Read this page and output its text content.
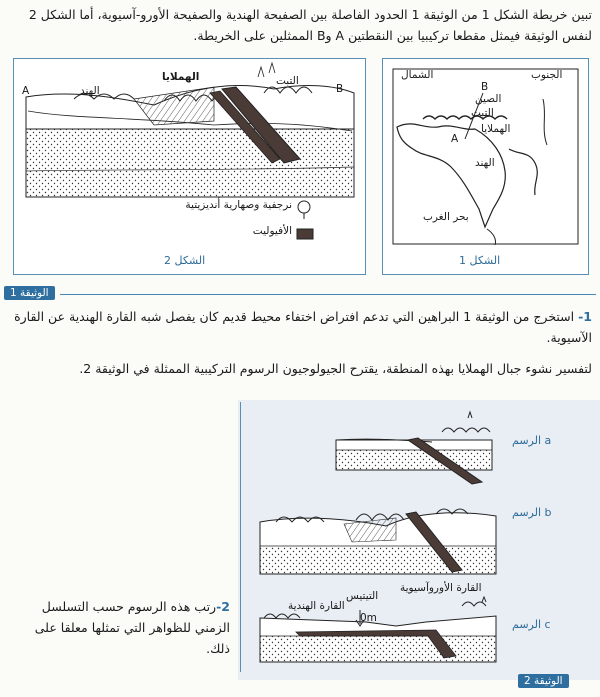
تبين خريطة الشكل 1 من الوثيقة 1 الحدود الفاصلة بين الصفيحة الهندية والصفيحة الأورو-آسيوية، أما الشكل 2
لنفس الوثيقة فيمثل مقطعا تركيبيا بين النقطتين A وB الممثلين على الخريطة.
A	B
الهند
الهملايا	التبت
نرجفية وصهارية أنديزيتية
الأفيوليت
الشكل 2
الشمال	الجنوب
B
الصين
التبت
الهملايا
A
الهند
بحر الغرب
الشكل 1
الوثيقة 1
1- استخرج من الوثيقة 1 البراهين التي تدعم افتراض اختفاء محيط قديم كان يفصل شبه القارة الهندية عن القارة
الآسيوية.
لتفسير نشوء جبال الهملايا بهذه المنطقة، يقترح الجيولوجيون الرسوم التركيبية الممثلة في الوثيقة 2.
الرسم a
الرسم b
القارة الهندية
التيتيس
القارة الأوروآسيوية
0m	الرسم c
2-رتب هذه الرسوم حسب التسلسل
الزمني للظواهر التي تمثلها معلقا على
ذلك.
الوثيقة 2
